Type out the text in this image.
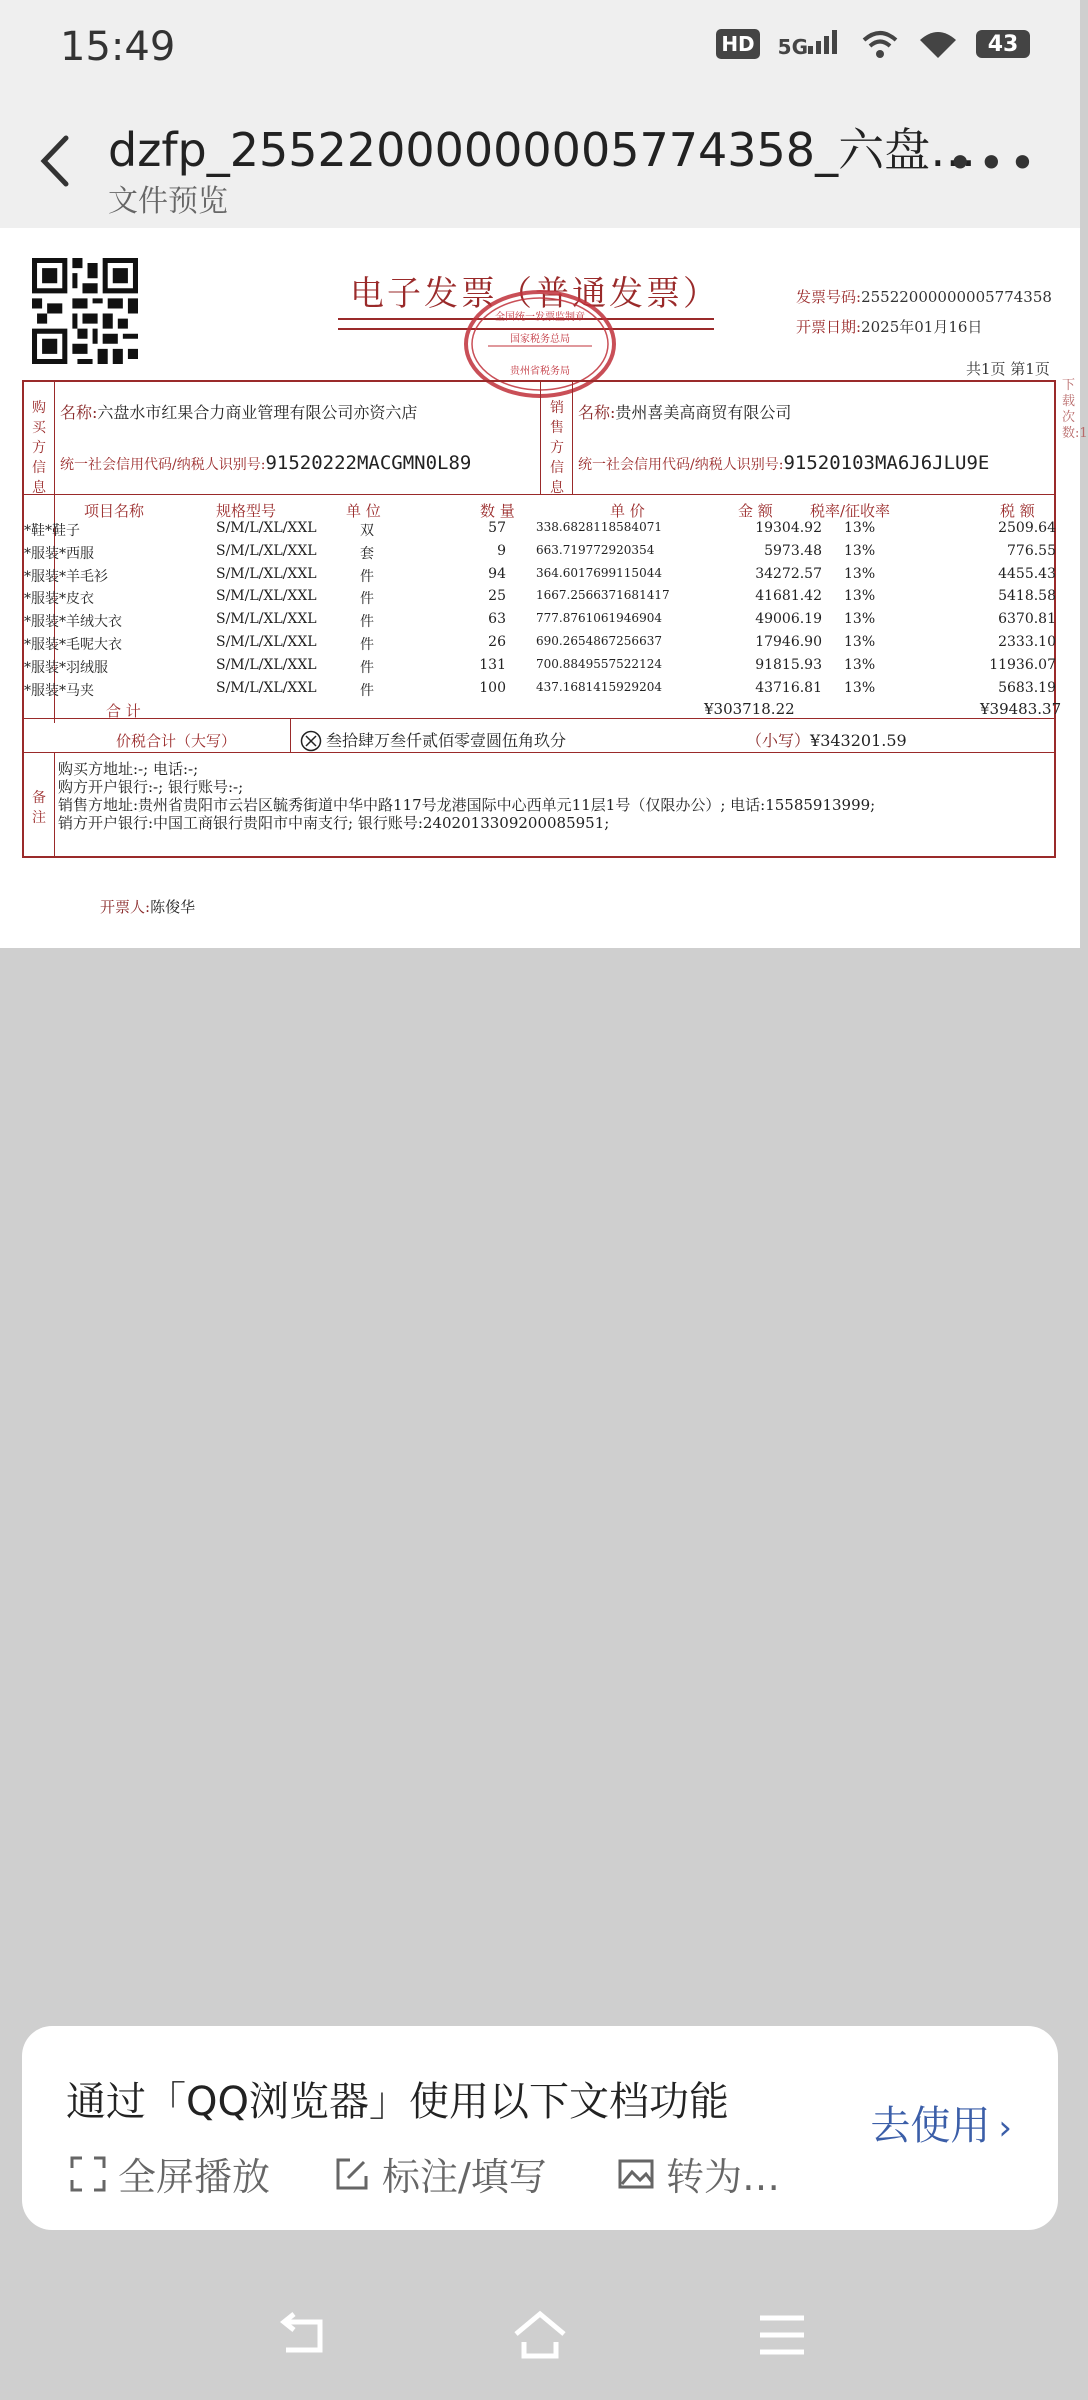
15:49	HD 5G	43
dzfp_25522000000005774358_六盘…
文件预览
•••
电子发票（普通发票）
全国统一发票监制章
国家税务总局
贵州省税务局
发票号码:25522000000005774358
开票日期:2025年01月16日
共1页 第1页
购买方信息
销售方信息
名称:六盘水市红果合力商业管理有限公司亦资六店
统一社会信用代码/纳税人识别号:91520222MACGMN0L89
名称:贵州喜美高商贸有限公司
统一社会信用代码/纳税人识别号:91520103MA6J6JLU9E
项目名称	规格型号	单 位	数 量	单 价	金 额 税率/征收率	税 额
*鞋*鞋子	S/M/L/XL/XXL	双	57	338.6828118584071	19304.92 13%	2509.64
*服装*西服	S/M/L/XL/XXL	套	9	663.719772920354	5973.48 13%	776.55
*服装*羊毛衫	S/M/L/XL/XXL	件	94	364.6017699115044	34272.57 13%	4455.43
*服装*皮衣	S/M/L/XL/XXL	件	25	1667.2566371681417	41681.42 13%	5418.58
*服装*羊绒大衣	S/M/L/XL/XXL	件	63	777.8761061946904	49006.19 13%	6370.81
*服装*毛呢大衣	S/M/L/XL/XXL	件	26	690.2654867256637	17946.90 13%	2333.10
*服装*羽绒服	S/M/L/XL/XXL	件	131	700.8849557522124	91815.93 13%	11936.07
*服装*马夹	S/M/L/XL/XXL	件	100	437.1681415929204	43716.81 13%	5683.19
合 计	¥303718.22	¥39483.37
价税合计（大写）	叁拾肆万叁仟贰佰零壹圆伍角玖分	（小写）¥343201.59
备注
购买方地址:-; 电话:-;
购方开户银行:-; 银行账号:-;
销售方地址:贵州省贵阳市云岩区毓秀街道中华中路117号龙港国际中心西单元11层1号（仅限办公）; 电话:15585913999;
销方开户银行:中国工商银行贵阳市中南支行; 银行账号:2402013309200085951;
开票人:陈俊华
下载次数:1
通过「QQ浏览器」使用以下文档功能
全屏播放	标注/填写	转为…
去使用 ›
